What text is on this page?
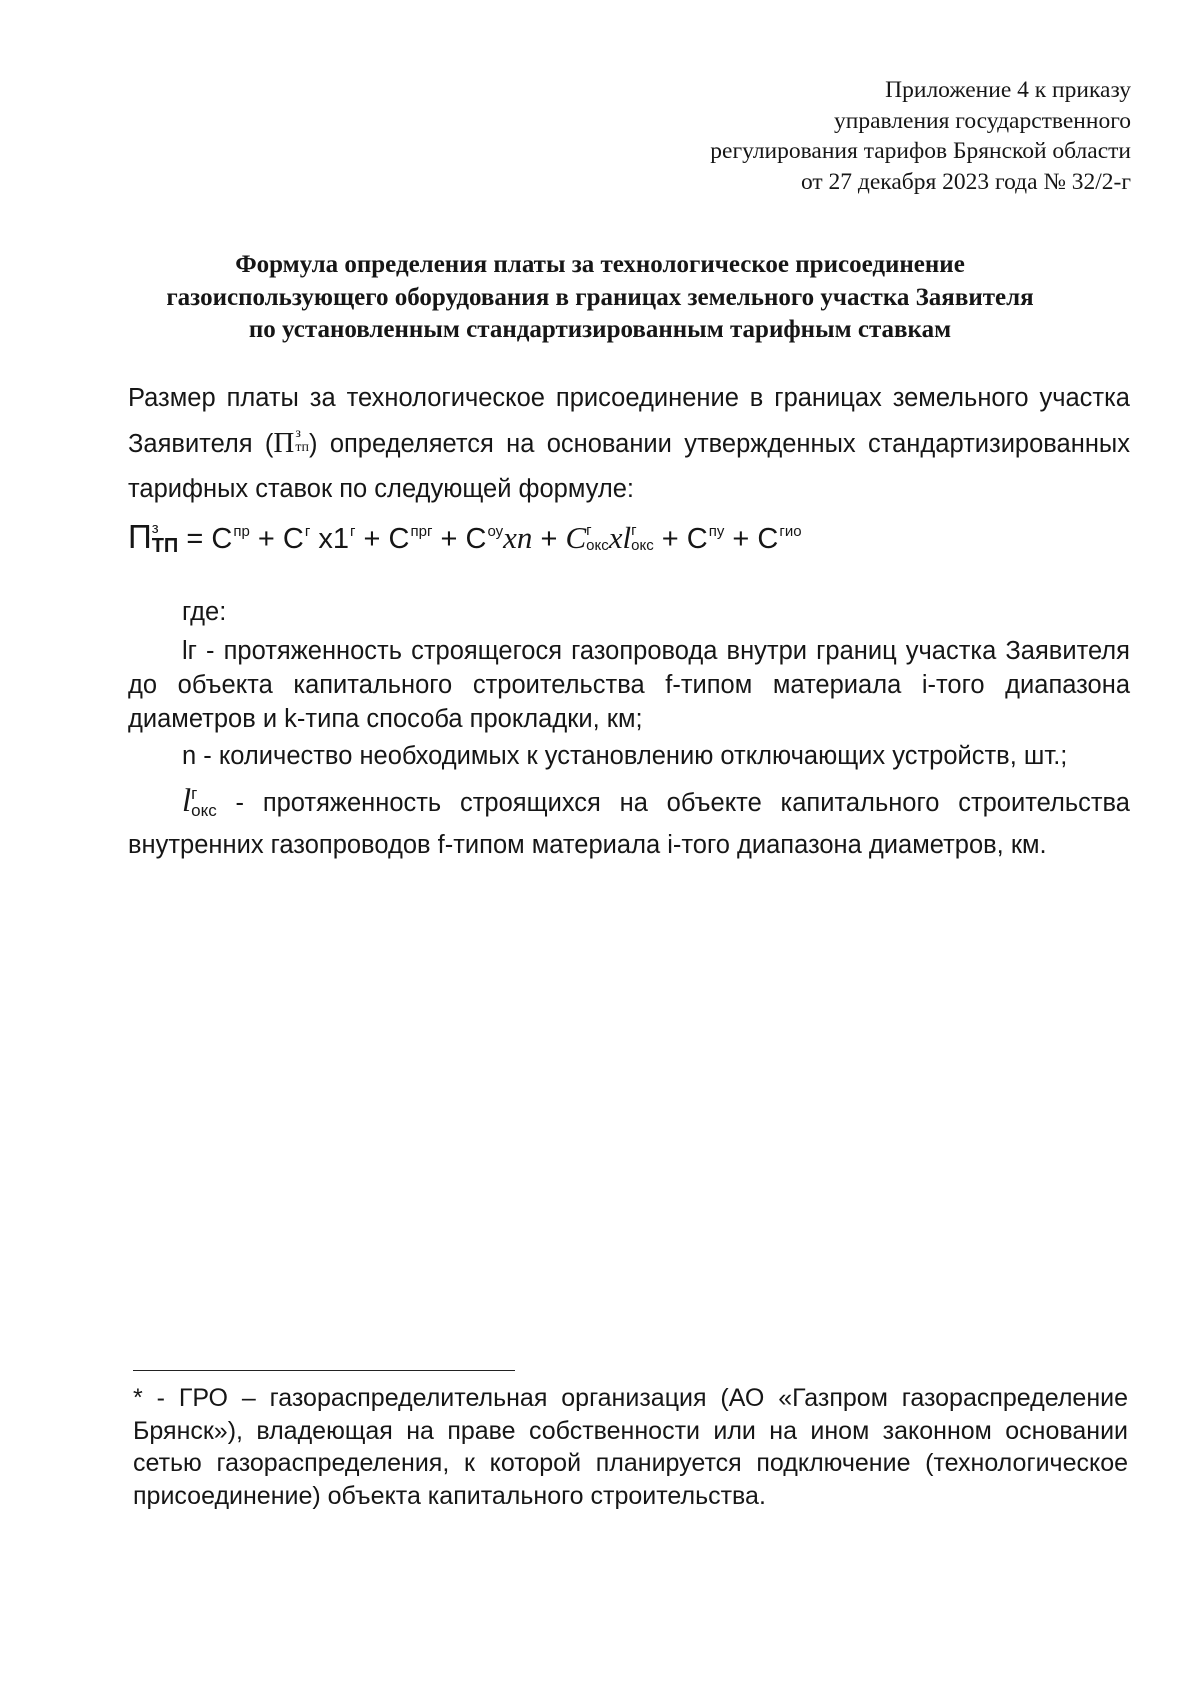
Приложение 4 к приказу
управления государственного
регулирования тарифов Брянской области
от 27 декабря 2023 года № 32/2-г
Формула определения платы за технологическое присоединение
газоиспользующего оборудования в границах земельного участка Заявителя
по установленным стандартизированным тарифным ставкам
Размер платы за технологическое присоединение в границах земельного участка
Заявителя (П з
тп ) определяется на основании утвержденных стандартизированных
тарифных ставок по следующей формуле:
П з
ТП = $С^{пр} + С^г$ $x1^г + С^{прг} + С^{оу}xn + С$ г
окс xl г
окс + $С^{пу} + С^{гио}$
где:
lг - протяженность строящегося газопровода внутри границ участка Заявителя
до объекта капитального строительства f-типом материала i-того диапазона
диаметров и k-типа способа прокладки, км;
n - количество необходимых к установлению отключающих устройств, шт.;
l г
окс - протяженность строящихся на объекте капитального строительства
внутренних газопроводов f-типом материала i-того диапазона диаметров, км.
* - ГРО – газораспределительная организация (АО «Газпром газораспределение
Брянск»), владеющая на праве собственности или на ином законном основании
сетью газораспределения, к которой планируется подключение (технологическое
присоединение) объекта капитального строительства.
